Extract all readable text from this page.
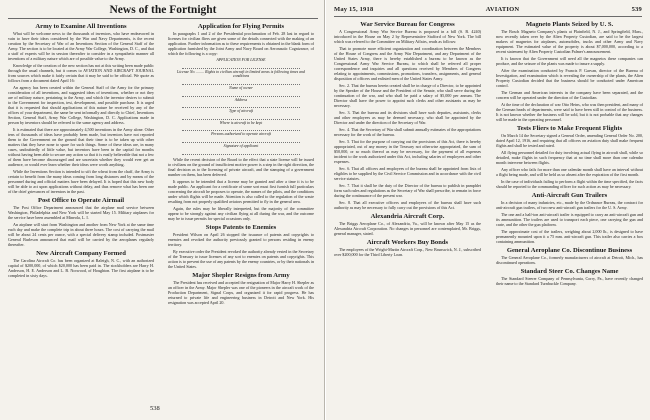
News of the Fortnight
Army to Examine All Inventions

What will be welcome news to the thousands of inventors, who have endeavored in vain to have their ideas considered by the War and Navy Departments, is the recent creation by the Secretary of War of an Inventions Section of the General Staff of the Army. The section is to be located at the Army War College, Washington, D. C., and that a staff of experts will be in session thereafter to consider in a sympathetic manner all inventions of a military nature which are of possible value to the Army.

Knowledge of the creation of the new section has not at this writing been made public through the usual channels, but it comes to AVIATION AND AIRCRAFT JOURNAL from sources which make it fairly certain that it may be said to be official. We quote as follows from a document dated April 16:

An agency has been created within the General Staff of the Army for the primary consideration of all inventions, and suggested ideas of inventions, whether or not they are of military nature, pertaining to the Army, and which the inventor desires to submit to the Government for inspection, test, development, and possible purchase. It is urged that it is requested that should applications of this nature be received by any of the offices of your department, the same be sent informally and directly to Chief, Inventions Section, General Staff, Army War College, Washington, D. C. Applications made in person by inventors should be referred to the same agency and address.

It is estimated that there are approximately 4,500 inventions in the Army alone. Other tens of thousands of ideas have probably been made, but inventors have not reported them to the Government on the ground that their time is to be taken up with other matters that they have none to spare for such things. Some of these ideas are, in many cases, undoubtedly of little value, but inventors have been in the capital for months without having been able to secure any action so that it is easily believable that not a few of them have become discouraged and are uncertain whether they would ever get an audience, or would ever learn whether their ideas were worth anything.

While the Inventions Section is intended to sift the wheat from the chaff, the Army is certain to benefit from the many ideas coming from long distances and by means of the personnel during and official matters have been delayed. It is hoped that this new body will be able to act upon applications without delay, and thus remove what has been one of the chief grievances of inventors in the past.

Post Office to Operate Airmail

The Post Office Department announced that the airplane mail service between Washington, Philadelphia and New York will be started May 15. Military airplanes for the service have been assembled at Mineola, L. I.

An airplane will start from Washington and another from New York at the same time each day and make the complete trip in about three hours. The cost of carrying the mail will be about 24 cents per ounce, with a special delivery stamp included. Postmaster General Burleson announced that mail will be carried by the aeroplanes regularly thereafter.

New Aircraft Company Formed

The Carolina Aircraft Co. has been organized at Raleigh, N. C., with an authorized capital of $200,000, of which $20,000 has been paid in. The stockholders are Harry H. Anderson, H. E. Anderson and L. B. Norwood, of Houghton. The first airplane is to be completed in sixty days.

Application for Flying Permits

In paragraphs 1 and 2 of the Presidential proclamation of Feb. 28 last in regard to licenses for civilian fliers are given some of the details connected with the making of an application. Further information as to these requirements is obtained in the blank form of application furnished by the Joint Army and Navy Board on Aeronautic Cognizance, of which the following is a copy:

APPLICATION FOR LICENSE
License No. ........ Rights to civilian aircraft in limited areas is following times and conditions
Name of owner
Address
Type of aircraft
Where is aircraft to be kept
Persons authorized to operate aircraft
Signature of applicant

While the recent decision of the Board to the effect that a state license will be issued to civilians on the ground of insufficient motive power is a step in the right direction, the final decision as to the licensing of private aircraft, and the stamping of a government number on them, has been deferred.

It appears to be intended that a license may be granted and after a time it is to be made public. An applicant for a certificate of some sort must first furnish full particulars concerning the aircraft he proposes to operate, the names of the pilots, and the conditions under which flights will be made. Attention is also called to the regulation of the waste resulting from not properly qualified aviators permitted to fly in the general area.

Again, the rules may be liberally interpreted, but the majority of the committee appear to be strongly against any civilian flying at all during the war, and the outcome may be to issue permits for special occasions only.

Stops Patents to Enemies

President Wilson on April 26 stopped the issuance of patents and copyrights to enemies and revoked the authority previously granted to persons residing in enemy territory.

By executive order the President revoked the authority already vested in the Secretary of the Treasury to issue licenses of any sort to enemies on patents and copyrights. This action is to prevent the use of any patents by the enemy countries, or by their nationals in the United States.

Major Shepler Resigns from Army

The President has received and accepted the resignation of Major Harry H. Shepler as an officer in the Army. Major Shepler was one of the pioneers in the aircraft work of the Production Department, Signal Corps, and organized it for rapid progress. He has returned to private life and engineering business in Detroit and New York. His resignation was accepted April 20.

538
May 15, 1918	AVIATION	539
War Service Bureau for Congress

A Congressional Army War Service Bureau is proposed in a bill (S. B. 4240) introduced in the House on May 2 by Representative Stafford of New York. The bill which was referred to the Committee on Military Affairs, reads as follows:

That to promote more efficient organization and coordination between the Members of the House of Congress and the Army War Department, and any Department of the United States Army, there is hereby established a bureau to be known as the Congressional Army War Service Bureau, to which shall be referred all proper correspondence and inquiries and all questions received by Members of Congress relating to appointments, commissions, promotions, transfers, assignments, and general disposition of officers and enlisted men of the United States Army.

Sec. 2. That the bureau herein created shall be in charge of a Director, to be appointed by the Speaker of the House and the President of the Senate, who shall serve during the continuation of the war, and who shall be paid a salary of $5,000 per annum. The Director shall have the power to appoint such clerks and other assistants as may be necessary.

Sec. 3. That the bureau and its divisions shall have such deputies, assistants, clerks and other employees as may be deemed necessary, who shall be appointed by the Director and under the direction of the Secretary of War.

Sec. 4. That the Secretary of War shall submit annually estimates of the appropriations necessary for the work of the bureau.

Sec. 5. That for the purpose of carrying out the provisions of this Act, there is hereby appropriated, out of any money in the Treasury not otherwise appropriated, the sum of $50,000, or so much thereof as may be necessary, for the payment of all expenses incident to the work authorized under this Act, including salaries of employees and other expenses.

Sec. 6. That all officers and employees of the bureau shall be appointed from lists of eligibles to be supplied by the Civil Service Commission and in accordance with the civil service statutes.

Sec. 7. That it shall be the duty of the Director of the bureau to publish in pamphlet form such rules and regulations as the Secretary of War shall prescribe, to remain in force during the continuance of the present war.

Sec. 8. That all executive officers and employees of the bureau shall have such authority as may be necessary to fully carry out the provisions of this Act.

Alexandria Aircraft Corp.

The Briggs Aeroplane Co., of Alexandria, Va., will be known after May 15 as the Alexandria Aircraft Corporation. No changes in personnel are contemplated, Mr. Briggs, general manager, stated.

Aircraft Workers Buy Bonds

The employees of the Wright-Martin Aircraft Corp., New Brunswick, N. J., subscribed over $200,000 for the Third Liberty Loan.

Magneto Plants Seized by U. S.

The Bosch Magneto Company's plants at Plainfield, N. J., and Springfield, Mass., now recently taken over by the Alien Property Custodian, are said to be the largest makers of magnetos for airplanes, automobiles, trucks and other Army and Navy equipment. The estimated value of the property is about $7,000,000, according to a recent statement by Alien Property Custodian Palmer's announcement.

It is known that the Government will need all the magnetos these companies can produce, and the seizure of the plants was made to insure a supply.

After the examination conducted by Francis P. Garvan, director of the Bureau of Investigation, and examination which is revealing the ownership of the plants, the Alien Property Custodian decided that the business should be conducted under American control.

The German and American interests in the company have been separated, and the concern will be operated under the direction of the Custodian.

At the time of the declaration of war Otto Heins, who was then president, and many of the German heads of departments, were said to have been still in control of the business. It is not known whether the business will be sold, but it is not probable that any changes will be made in the operating personnel.

Tests Fliers to Make Frequent Flights

On March 14 the Secretary signed a General Order, amending General Order No. 200, dated April 12, 1916, and requiring that all officers on aviation duty shall make frequent flights and shall be tested and rated.

All flying personnel detailed for duty involving actual flying in aircraft shall, while so detailed, make flights in such frequency that at no time shall more than one calendar month intervene between flights.

Any officer who fails for more than one calendar month shall have an interval without a flight being made, and will be held as so absent after the expiration of the first month.

In the case of individuals failing to perform a flight within the time specified, the facts should be reported to the commanding officer for such action as may be necessary.

Anti-Aircraft Gun Trailers

In a decision of many industries, etc., made by the Ordnance Bureau, the contract for anti-aircraft gun trailers, of two new anti-aircraft gun trailers for the U. S. Army.

The one and a half-ton anti-aircraft trailer is equipped to carry an anti-aircraft gun and its ammunition. The trailers are used to transport each piece, one carrying the gun and crate, and the other the gun platform.

The approximate cost of the trailers, weighing about 2,000 lb., is designed to have permanently mounted upon it a 75 mm. anti-aircraft gun. This trailer also carries a box containing ammunition.

General Aeroplane Co. Discontinue Business

The General Aeroplane Co., formerly manufacturers of aircraft at Detroit, Mich., has discontinued operations.

Standard Steer Co. Changes Name

The Standard Steerer Company of Pennsylvania, Corry, Pa., have recently changed their name to the Standard Turnbuckle Company.
